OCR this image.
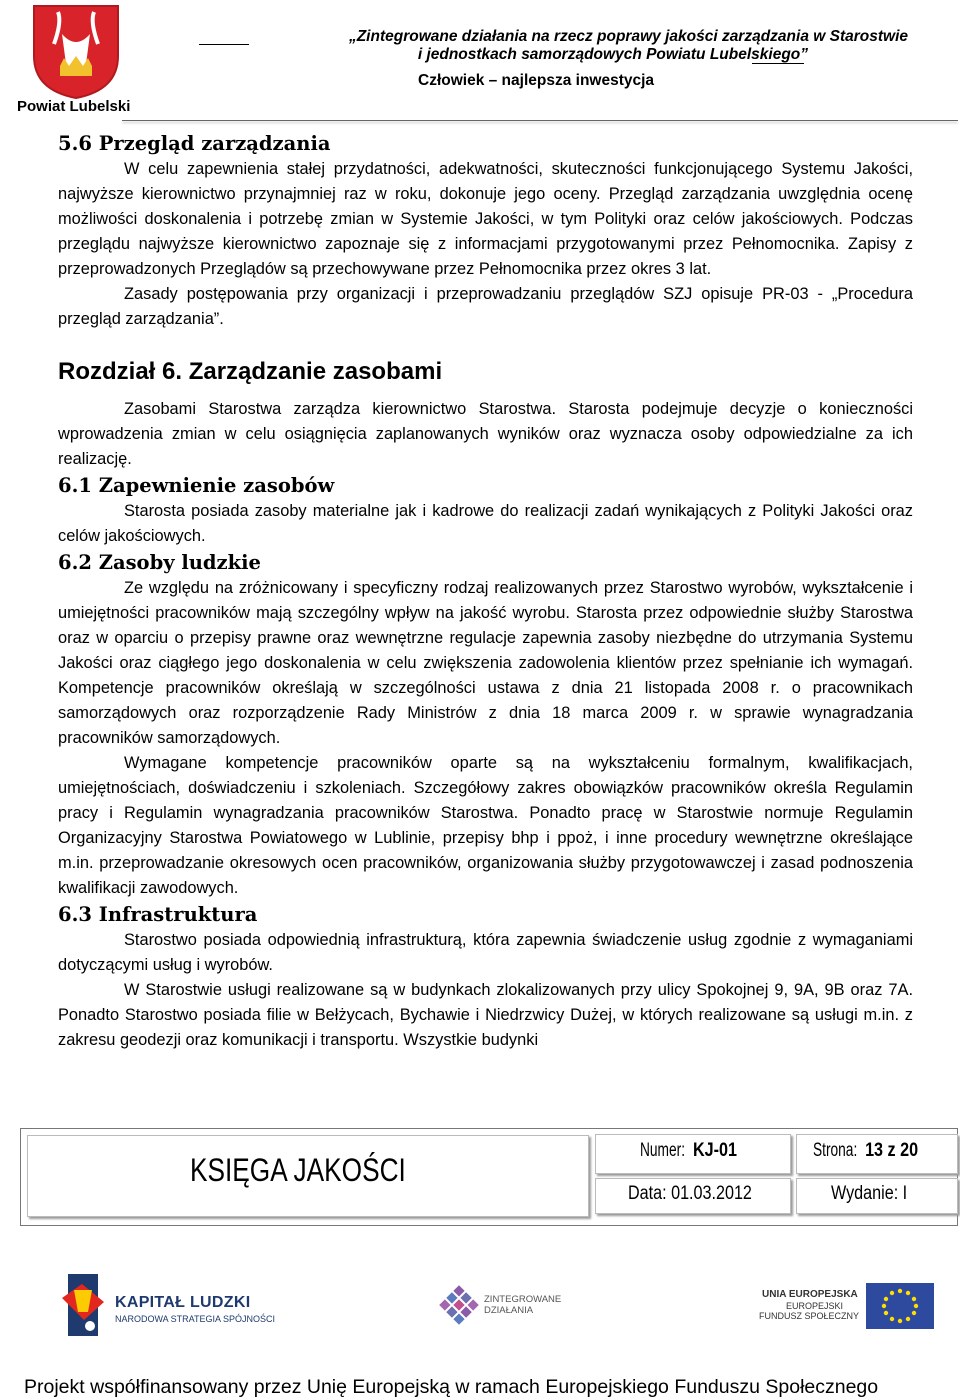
Powiat Lubelski
„Zintegrowane działania na rzecz poprawy jakości zarządzania w Starostwie
i jednostkach samorządowych Powiatu Lubelskiego”
Człowiek – najlepsza inwestycja

5.6 Przegląd zarządzania

W celu zapewnienia stałej przydatności, adekwatności, skuteczności funkcjonującego Systemu Jakości, najwyższe kierownictwo przynajmniej raz w roku, dokonuje jego oceny. Przegląd zarządzania uwzględnia ocenę możliwości doskonalenia i potrzebę zmian w Systemie Jakości, w tym Polityki oraz celów jakościowych. Podczas przeglądu najwyższe kierownictwo zapoznaje się z informacjami przygotowanymi przez Pełnomocnika. Zapisy z przeprowadzonych Przeglądów są przechowywane przez Pełnomocnika przez okres 3 lat.

Zasady postępowania przy organizacji i przeprowadzaniu przeglądów SZJ opisuje PR-03 - „Procedura przegląd zarządzania”.

Rozdział 6. Zarządzanie zasobami

Zasobami Starostwa zarządza kierownictwo Starostwa. Starosta podejmuje decyzje o konieczności wprowadzenia zmian w celu osiągnięcia zaplanowanych wyników oraz wyznacza osoby odpowiedzialne za ich realizację.

6.1 Zapewnienie zasobów

Starosta posiada zasoby materialne jak i kadrowe do realizacji zadań wynikających z Polityki Jakości oraz celów jakościowych.

6.2 Zasoby ludzkie

Ze względu na zróżnicowany i specyficzny rodzaj realizowanych przez Starostwo wyrobów, wykształcenie i umiejętności pracowników mają szczególny wpływ na jakość wyrobu. Starosta przez odpowiednie służby Starostwa oraz w oparciu o przepisy prawne oraz wewnętrzne regulacje zapewnia zasoby niezbędne do utrzymania Systemu Jakości oraz ciągłego jego doskonalenia w celu zwiększenia zadowolenia klientów przez spełnianie ich wymagań. Kompetencje pracowników określają w szczególności ustawa z dnia 21 listopada 2008 r. o pracownikach samorządowych oraz rozporządzenie Rady Ministrów z dnia 18 marca 2009 r. w sprawie wynagradzania pracowników samorządowych.

Wymagane kompetencje pracowników oparte są na wykształceniu formalnym, kwalifikacjach, umiejętnościach, doświadczeniu i szkoleniach. Szczegółowy zakres obowiązków pracowników określa Regulamin pracy i Regulamin wynagradzania pracowników Starostwa. Ponadto pracę w Starostwie normuje Regulamin Organizacyjny Starostwa Powiatowego w Lublinie, przepisy bhp i ppoż, i inne procedury wewnętrzne określające m.in. przeprowadzanie okresowych ocen pracowników, organizowania służby przygotowawczej i zasad podnoszenia kwalifikacji zawodowych.

6.3 Infrastruktura

Starostwo posiada odpowiednią infrastrukturą, która zapewnia świadczenie usług zgodnie z wymaganiami dotyczącymi usług i wyrobów.

W Starostwie usługi realizowane są w budynkach zlokalizowanych przy ulicy Spokojnej 9, 9A, 9B oraz 7A. Ponadto Starostwo posiada filie w Bełżycach, Bychawie i Niedrzwicy Dużej, w których realizowane są usługi m.in. z zakresu geodezji oraz komunikacji i transportu. Wszystkie budynki

KSIĘGA JAKOŚCI
Numer:KJ-01	Strona:13 z 20
Data: 01.03.2012	Wydanie: I
KAPITAŁ LUDZKI
NARODOWA STRATEGIA SPÓJNOŚCI
ZINTEGROWANE
DZIAŁANIA
UNIA EUROPEJSKA
EUROPEJSKI
FUNDUSZ SPOŁECZNY
Projekt współfinansowany przez Unię Europejską w ramach Europejskiego Funduszu Społecznego
